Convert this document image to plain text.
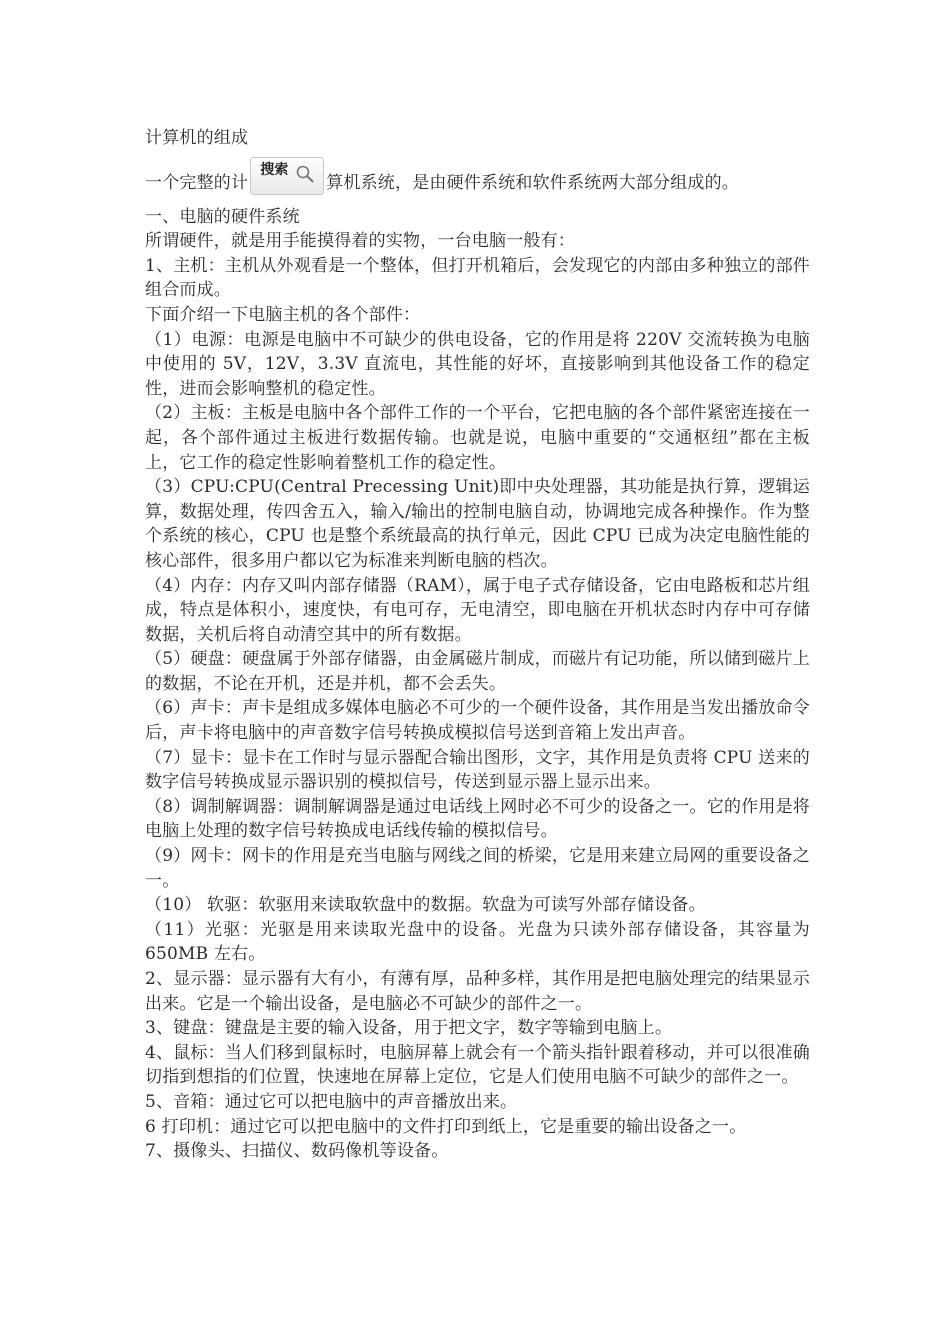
计算机的组成

一个完整的计搜索
算机系统，是由硬件系统和软件系统两大部分组成的。

一、电脑的硬件系统

所谓硬件，就是用手能摸得着的实物，一台电脑一般有：

1、主机：主机从外观看是一个整体，但打开机箱后，会发现它的内部由多种独立的部件组合而成。

下面介绍一下电脑主机的各个部件：

（1）电源：电源是电脑中不可缺少的供电设备，它的作用是将 220V 交流转换为电脑中使用的 5V，12V，3.3V 直流电，其性能的好坏，直接影响到其他设备工作的稳定性，进而会影响整机的稳定性。

（2）主板：主板是电脑中各个部件工作的一个平台，它把电脑的各个部件紧密连接在一起，各个部件通过主板进行数据传输。也就是说，电脑中重要的“交通枢纽”都在主板上，它工作的稳定性影响着整机工作的稳定性。

（3）CPU:CPU(Central Precessing Unit)即中央处理器，其功能是执行算，逻辑运算，数据处理，传四舍五入，输入/输出的控制电脑自动，协调地完成各种操作。作为整个系统的核心，CPU 也是整个系统最高的执行单元，因此 CPU 已成为决定电脑性能的核心部件，很多用户都以它为标准来判断电脑的档次。

（4）内存：内存又叫内部存储器（RAM），属于电子式存储设备，它由电路板和芯片组成，特点是体积小，速度快，有电可存，无电清空，即电脑在开机状态时内存中可存储数据，关机后将自动清空其中的所有数据。

（5）硬盘：硬盘属于外部存储器，由金属磁片制成，而磁片有记功能，所以储到磁片上的数据，不论在开机，还是并机，都不会丢失。

（6）声卡：声卡是组成多媒体电脑必不可少的一个硬件设备，其作用是当发出播放命令后，声卡将电脑中的声音数字信号转换成模拟信号送到音箱上发出声音。

（7）显卡：显卡在工作时与显示器配合输出图形，文字，其作用是负责将 CPU 送来的数字信号转换成显示器识别的模拟信号，传送到显示器上显示出来。

（8）调制解调器：调制解调器是通过电话线上网时必不可少的设备之一。它的作用是将电脑上处理的数字信号转换成电话线传输的模拟信号。

（9）网卡：网卡的作用是充当电脑与网线之间的桥梁，它是用来建立局网的重要设备之一。

（10） 软驱：软驱用来读取软盘中的数据。软盘为可读写外部存储设备。

（11）光驱：光驱是用来读取光盘中的设备。光盘为只读外部存储设备，其容量为 650MB 左右。

2、显示器：显示器有大有小，有薄有厚，品种多样，其作用是把电脑处理完的结果显示出来。它是一个输出设备，是电脑必不可缺少的部件之一。

3、键盘：键盘是主要的输入设备，用于把文字，数字等输到电脑上。

4、鼠标：当人们移到鼠标时，电脑屏幕上就会有一个箭头指针跟着移动，并可以很准确切指到想指的们位置，快速地在屏幕上定位，它是人们使用电脑不可缺少的部件之一。

5、音箱：通过它可以把电脑中的声音播放出来。

6 打印机：通过它可以把电脑中的文件打印到纸上，它是重要的输出设备之一。

7、摄像头、扫描仪、数码像机等设备。
